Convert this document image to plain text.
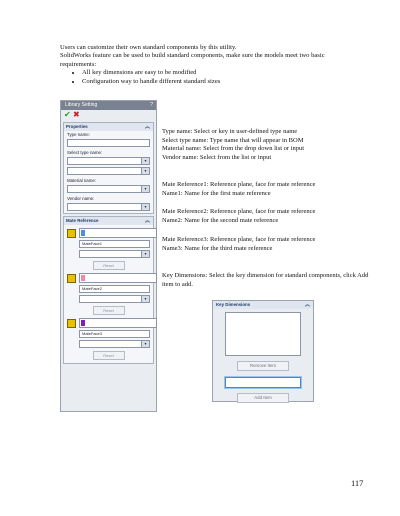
Users can customize their own standard components by this utility.

SolidWorks feature can be used to build standard components, make sure the models meet two basic requirements:

• All key dimensions are easy to be modified
• Configuration way to handle different standard sizes
Library Setting	?
✔ ✖
Properties	︽
Type name:
Select type name:
▾
▾
Material name:
▾
Vendor name:
▾
Mate Reference	︽
MateFace1
▾
Reset
MateFace2
▾
Reset
MateFace3
▾
Reset

Type name: Select or key in user-defined type name

Select type name: Type name that will appear in BOM

Material name: Select from the drop down list or input

Vendor name: Select from the list or input

Mate Reference1: Reference plane, face for mate reference

Name1: Name for the first mate reference

Mate Reference2: Reference plane, face for mate reference

Name2: Name for the second mate reference

Mate Reference3: Reference plane, face for mate reference

Name3: Name for the third mate reference

Key Dimensions: Select the key dimension for standard components, click Add item to add.

Key Dimensions	︽
Remove Item
Add Item
117
